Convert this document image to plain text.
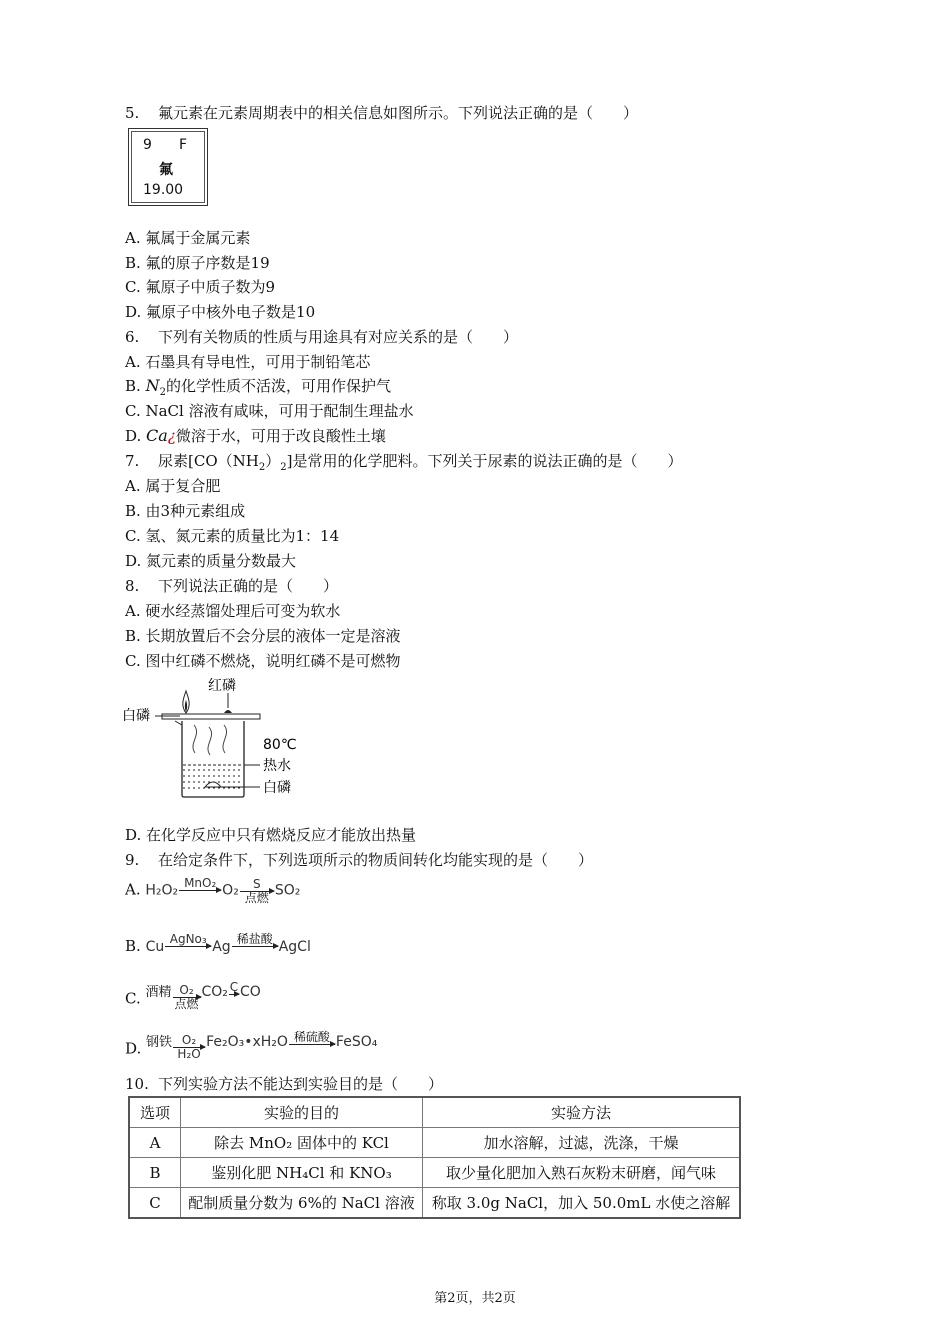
5. 氟元素在元素周期表中的相关信息如图所示。下列说法正确的是（　　）
9 F
氟
19.00
A. 氟属于金属元素
B. 氟的原子序数是19
C. 氟原子中质子数为9
D. 氟原子中核外电子数是10
6. 下列有关物质的性质与用途具有对应关系的是（　　）
A. 石墨具有导电性，可用于制铅笔芯
B. $N_2$的化学性质不活泼，可用作保护气
C. NaCl 溶液有咸味，可用于配制生理盐水
D. Ca¿微溶于水，可用于改良酸性土壤
7. 尿素$[CO(NH_2)_2]$是常用的化学肥料。下列关于尿素的说法正确的是（　　）
A. 属于复合肥
B. 由3种元素组成
C. 氢、氮元素的质量比为1：14
D. 氮元素的质量分数最大
8. 下列说法正确的是（　　）
A. 硬水经蒸馏处理后可变为软水
B. 长期放置后不会分层的液体一定是溶液
C. 图中红磷不燃烧，说明红磷不是可燃物
红磷
白磷
80℃
热水
白磷
D. 在化学反应中只有燃烧反应才能放出热量
9. 在给定条件下，下列选项所示的物质间转化均能实现的是（　　）
A. H₂O₂ MnO₂ O₂	S
点燃 SO₂
B. Cu AgNo₃ Ag 稀盐酸 AgCl
C. 酒精 O₂
点燃
CO₂ C CO
D. 钢铁 $\frac{\text{O₂}}{\text{H₂O}}$ Fe₂O₃•xH₂O 稀硫酸 FeSO₄
10. 下列实验方法不能达到实验目的是（　　）
选项	实验的目的	实验方法
A	除去 MnO₂ 固体中的 KCl	加水溶解，过滤，洗涤，干燥
B	鉴别化肥 NH₄Cl 和 KNO₃	取少量化肥加入熟石灰粉末研磨，闻气味
C	配制质量分数为 6%的 NaCl 溶液	称取 3.0g NaCl，加入 50.0mL 水使之溶解
第2页，共2页
